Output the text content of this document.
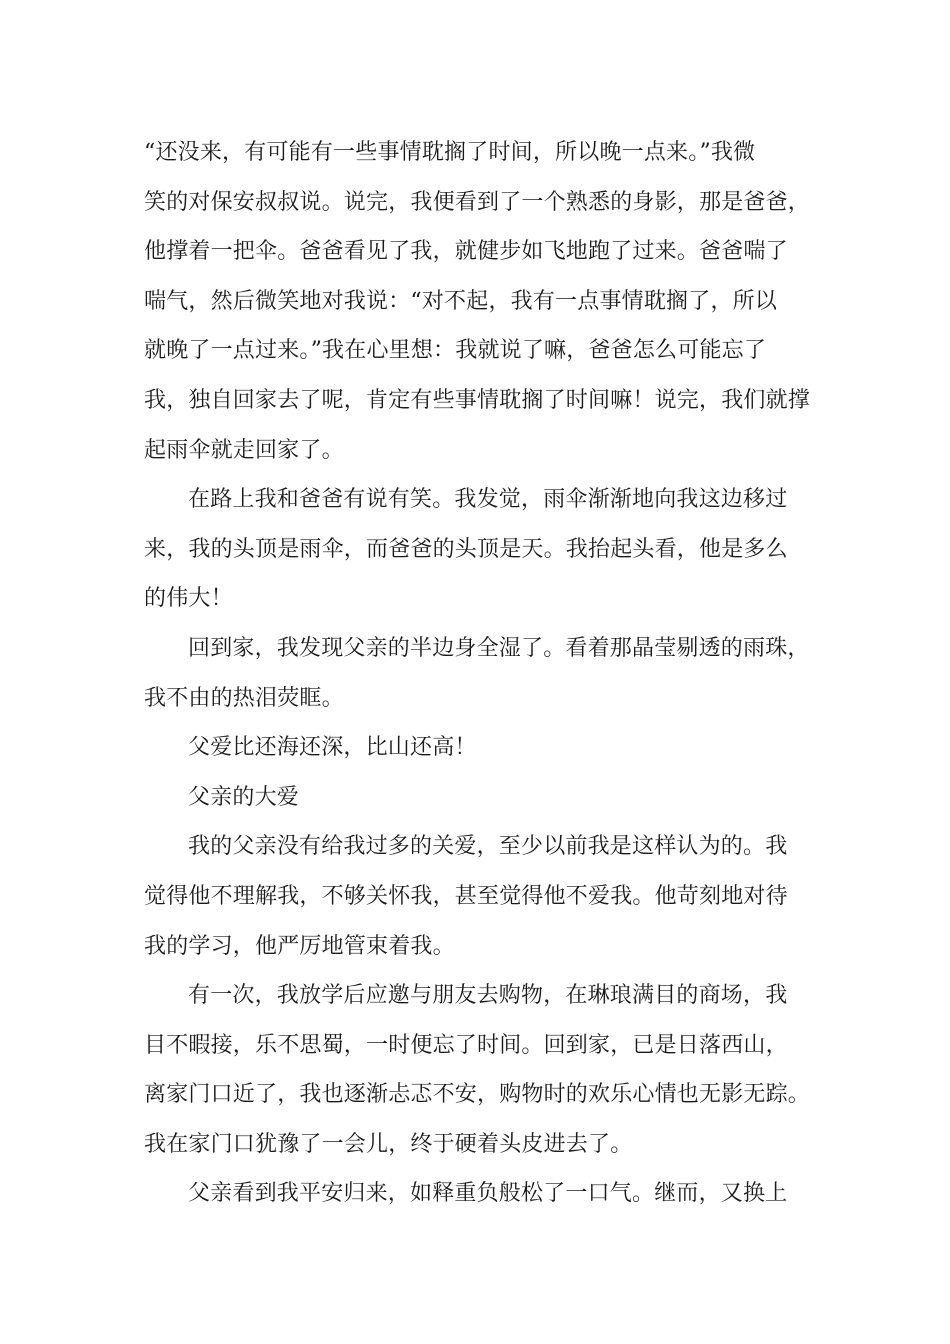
“还没来，有可能有一些事情耽搁了时间，所以晚一点来。”我微
笑的对保安叔叔说。说完，我便看到了一个熟悉的身影，那是爸爸，
他撑着一把伞。爸爸看见了我，就健步如飞地跑了过来。爸爸喘了
喘气，然后微笑地对我说：“对不起，我有一点事情耽搁了，所以
就晚了一点过来。”我在心里想：我就说了嘛，爸爸怎么可能忘了
我，独自回家去了呢，肯定有些事情耽搁了时间嘛！说完，我们就撑
起雨伞就走回家了。
在路上我和爸爸有说有笑。我发觉，雨伞渐渐地向我这边移过
来，我的头顶是雨伞，而爸爸的头顶是天。我抬起头看，他是多么
的伟大！
回到家，我发现父亲的半边身全湿了。看着那晶莹剔透的雨珠，
我不由的热泪荧眶。
父爱比还海还深，比山还高！
父亲的大爱
我的父亲没有给我过多的关爱，至少以前我是这样认为的。我
觉得他不理解我，不够关怀我，甚至觉得他不爱我。他苛刻地对待
我的学习，他严厉地管束着我。
有一次，我放学后应邀与朋友去购物，在琳琅满目的商场，我
目不暇接，乐不思蜀，一时便忘了时间。回到家，已是日落西山，
离家门口近了，我也逐渐忐忑不安，购物时的欢乐心情也无影无踪。
我在家门口犹豫了一会儿，终于硬着头皮进去了。
父亲看到我平安归来，如释重负般松了一口气。继而，又换上
